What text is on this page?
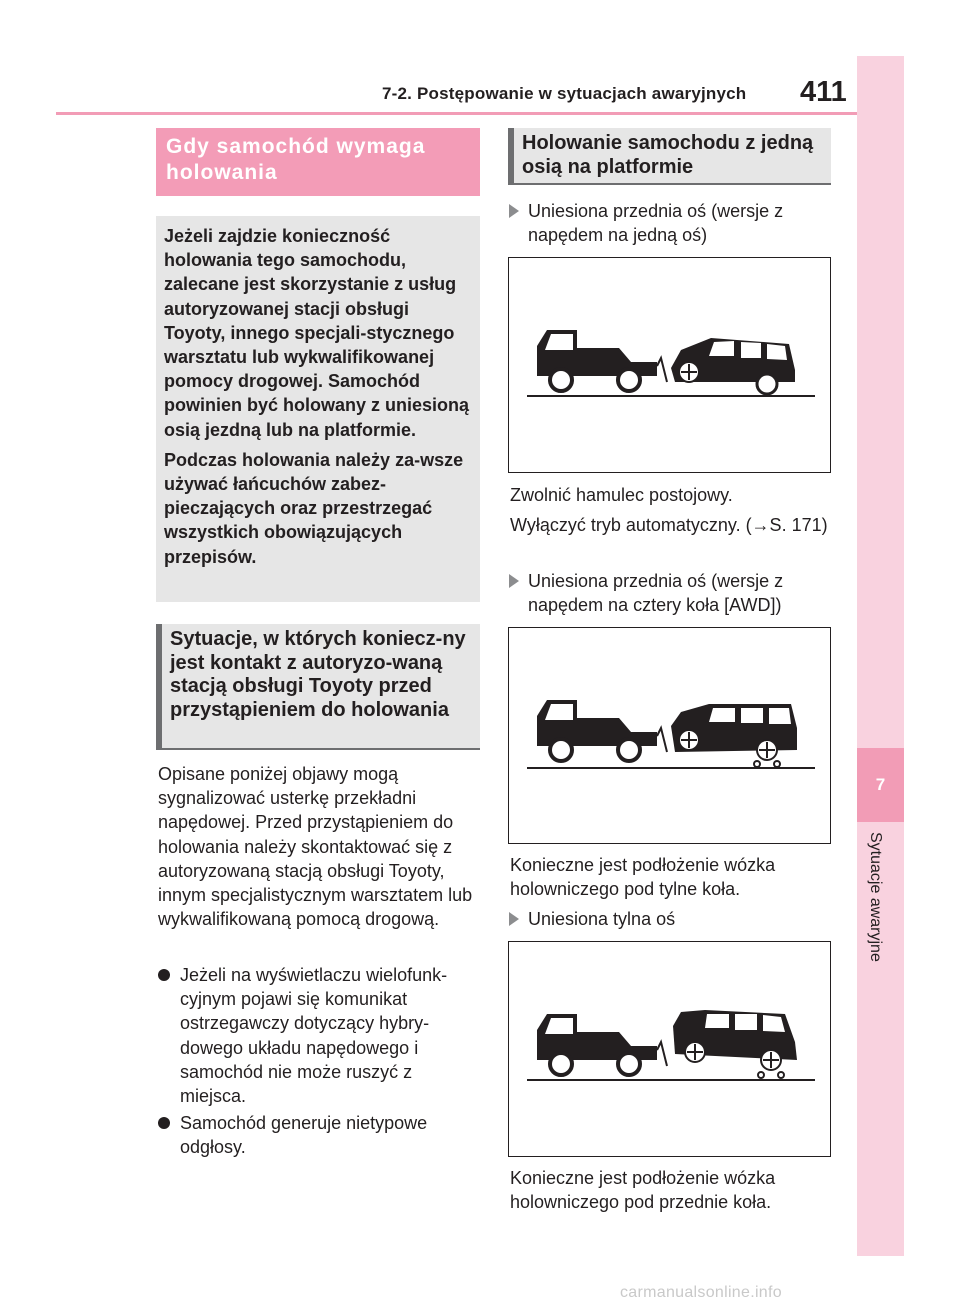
7-2. Postępowanie w sytuacjach awaryjnych 411
7
Sytuacje awaryjne
Gdy samochód wymaga holowania

Jeżeli zajdzie konieczność holowania tego samochodu, zalecane jest skorzystanie z usług autoryzowanej stacji obsługi Toyoty, innego specjali-stycznego warsztatu lub wykwalifikowanej pomocy drogowej. Samochód powinien być holowany z uniesioną osią jezdną lub na platformie.

Podczas holowania należy za-wsze używać łańcuchów zabez-pieczających oraz przestrzegać wszystkich obowiązujących przepisów.

Sytuacje, w których koniecz-ny jest kontakt z autoryzo-waną stacją obsługi Toyoty przed przystąpieniem do holowania
Opisane poniżej objawy mogą sygnalizować usterkę przekładni napędowej. Przed przystąpieniem do holowania należy skontaktować się z autoryzowaną stacją obsługi Toyoty, innym specjalistycznym warsztatem lub wykwalifikowaną pomocą drogową.
Jeżeli na wyświetlaczu wielofunk-cyjnym pojawi się komunikat ostrzegawczy dotyczący hybry-dowego układu napędowego i samochód nie może ruszyć z miejsca.
Samochód generuje nietypowe odgłosy.
Holowanie samochodu z jedną osią na platformie
Uniesiona przednia oś (wersje z napędem na jedną oś)
Zwolnić hamulec postojowy.
Wyłączyć tryb automatyczny. (→S. 171)
Uniesiona przednia oś (wersje z napędem na cztery koła [AWD])
Konieczne jest podłożenie wózka holowniczego pod tylne koła.
Uniesiona tylna oś
Konieczne jest podłożenie wózka holowniczego pod przednie koła.
carmanualsonline.info
